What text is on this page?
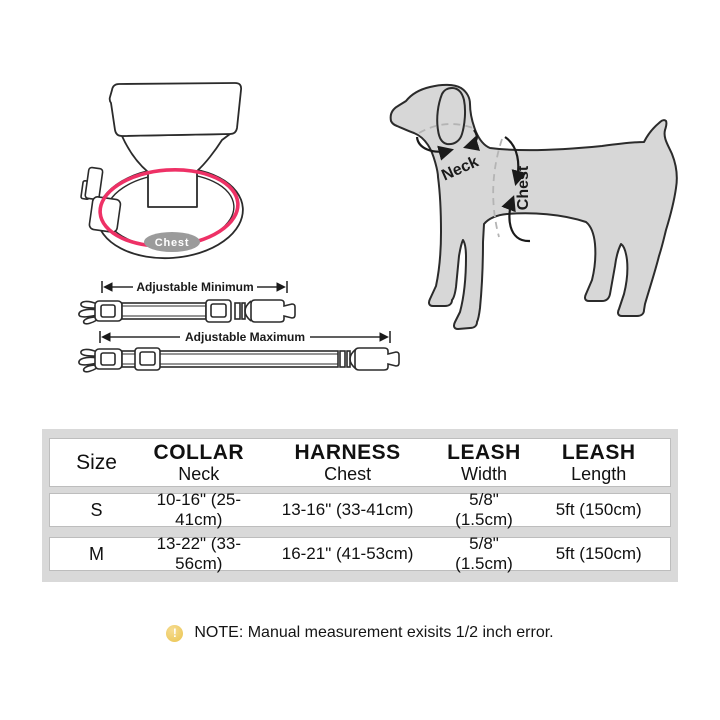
Chest
Neck Chest
Adjustable Minimum
Adjustable Maximum
Size COLLAR
Neck
HARNESS
Chest
LEASH
Width
LEASH
Length
S	10-16" (25-41cm)
13-16" (33-41cm)
5/8" (1.5cm)
5ft (150cm)
M	13-22" (33-56cm)
16-21" (41-53cm)
5/8" (1.5cm)
5ft (150cm)
! NOTE: Manual measurement exisits 1/2 inch error.
